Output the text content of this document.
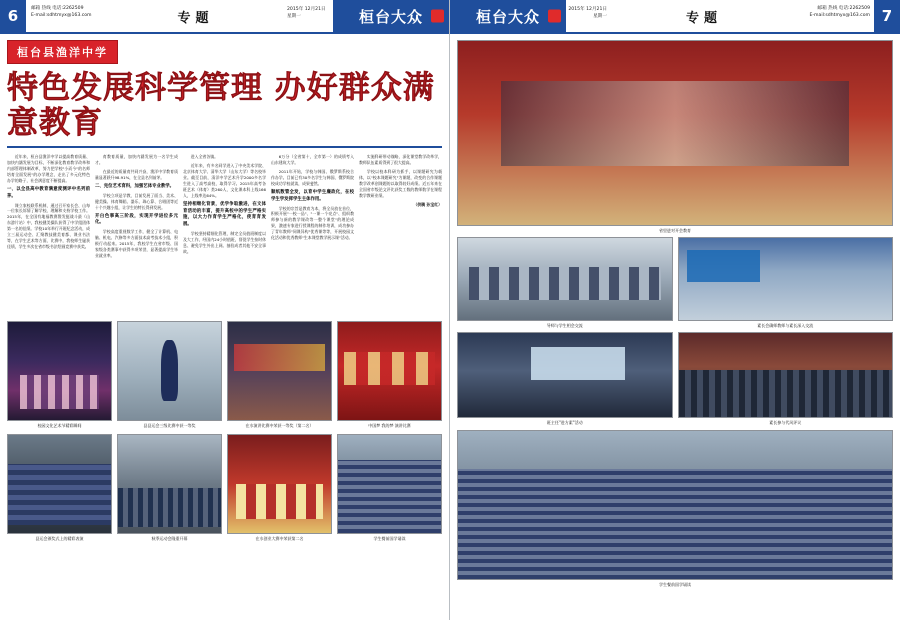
6	邮箱 热线 电话:2262509
E-mail:sdhtmyx@163.com	专题
2015年 12月21日
星期一	桓台大众
桓台县渔洋中学
特色发展科学管理 办好群众满意教育

近年来，桓台县渔洋中学以提高教育质量、加快内涵发展为目标，不断深化教育教学改革和内部管理体制改革，努力把学校"小而今"的名师培育全面发展"的办学理念，走出了多元化特色办学的路子，社会满意度不断提高。

一、以全县高中教育满意度测评中名列前茅。

课立家校联系机制，通过召开家长会、山每一位家长诉情了解学校、理解和支持学校工作。2015年，在全国有地福教赛暨发挺战斗最（山东游片站）中，我校健美操队获得了中学组团体第一名的佳绩。学校10年举行开班纪念活动，成立三届运动会、汇聚教技健美育都、课业书法等，在学生艺术等方面，比赛中，我校师生屡获佳绩，学生多次在省市级书法绘画竞赛中获奖。

育教育质量，加快内涵发展为一名学生成才。

在最近的质量育共同兴奋，渔洋中学教育质量显著跃升98.91%，在全县名列前茅。

二、完位艺术育科，加强艺体专业教学。

学校立项是学教，目前发展了面当、美术、健美操、体育舞蹈、器乐、珠心算、合唱团等近十个兴趣小组，让学生的特长得到发展。

开白色事高三阶段，实现开学进位多元化。

学校高度重视数学工作，健全了计算机、电脑、机电、汽修等多方面技术高考技术小组，积极行动起来。2015年，我校学生在省市级、国家级各类赛事中获得多项荣誉，显著提高学生毕业就业率。

进入全省各镇。

近年来，有多名同学进入了中央美术学院、北京体育大学、清华大学（山东大学）等名校毕业。截至目前，清洋中学艺术升学2000多名学生进入了高考高校，取得学习。2015年高考各班艺术（体育）类260人，文化课本科上线166人，上线率达64%。

坚持相继化背景，优学争取激进，在文体育活动的丰富，提升高校中的学生严格实施，以大力作育学生严格化，使育育发展。

学校坚持精细化管理，制定全员值班制度以及大工作，经国内24小时值班，督促学生按时休息、避免学生外出上网。抽验成者其他不安全事故。

6万分（全省第十，全市第一）的成绩考入山东建筑大学。

2011年开始，学校与韩国、俄罗斯系校合作办学。目前已有30多名学生与韩国、俄罗斯院校成功学校就读，成果斐然。

顺纸数管全发，以育中学生廉政化，在校学生学发挥学生主体作用。

学校的宗旨是教育为本，将全员放在首位，积极开展"一校一品"、"一课一个亮点"、组织教师参与新的教学课改等一整个课堂"的理论成果，激速专家进行授课程的制作培训，成功参办了青年教师"同课异构"优秀课等等，开展校园文化活动和优秀教师"生本课堂教学展示课"活动。

实施科研带动战略，深化课堂教学改革学，教师队伍素质得到了很大提高。

学校以校本科研为抓手，以课题研究为载体，以"校本课题研究"为课题，改变的合作课题教学改革创课题的以取得较好成绩。近五年来在全国省市级论文评比获奖工数的教师数学在课程教学教研业绩。

（供稿 孙宝红）

校园文化艺术节精彩瞬间	县县运会三级比赛中获一等奖	在水演讲比赛中荣获一等奖（第二名）	中国梦 我的梦 演讲比赛
县运会颁奖式上的精彩表演	秋季运动会隆重开幕	在水创业大赛中荣获第二名	学生餐前国学诵读
7
邮箱 热线 电话:2262509
E-mail:sdhtmyx@163.com
专题
2015年 12月21日
星期一
桓台大众
省里进对开会教育
导师与学生相会交流	素长会确师教师与素长深入交流
班主任"进方素"活动	素长参与代风评议
学生餐前国学诵读
